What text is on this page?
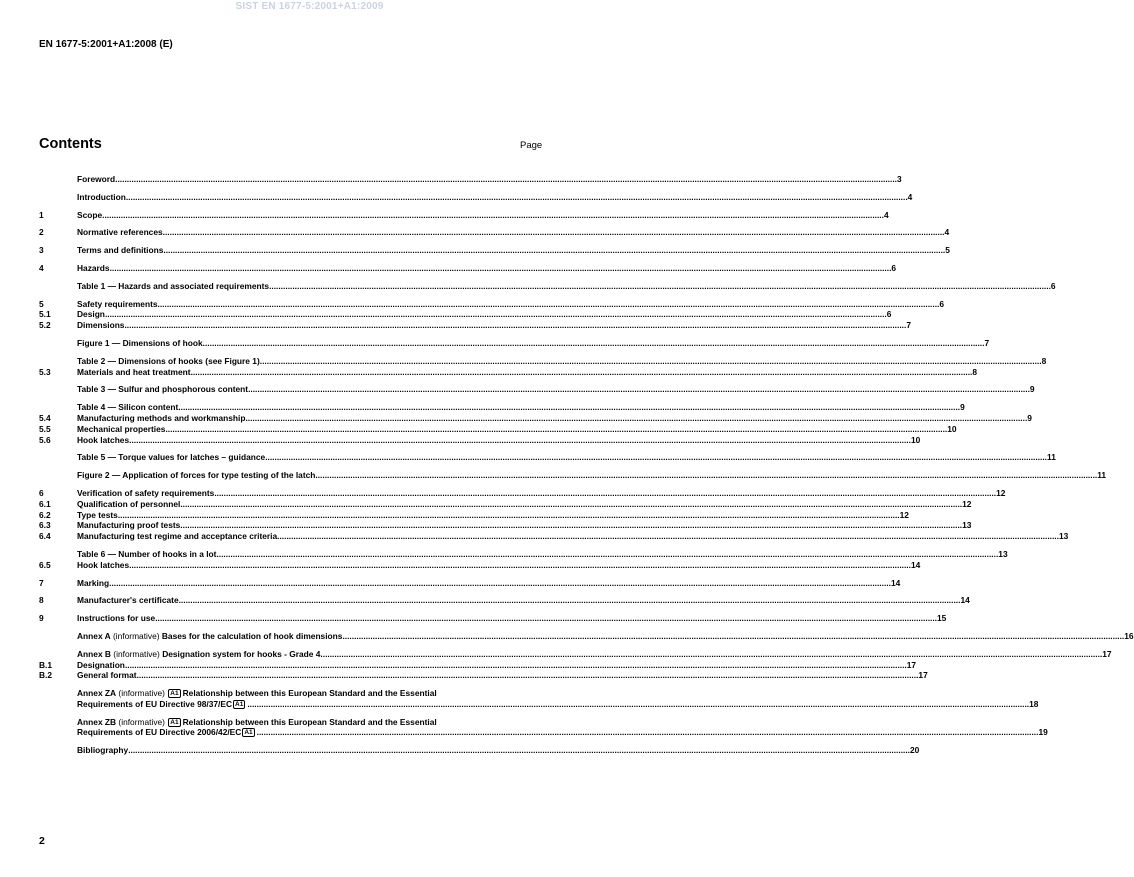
SIST EN 1677-5:2001+A1:2009
EN 1677-5:2001+A1:2008 (E)
Contents	Page
Foreword .....	3
Introduction .....	4
1	Scope .....	4
2	Normative references .....	4
3	Terms and definitions .....	5
4	Hazards .....	6
Table 1 — Hazards and associated requirements .....	6
5	Safety requirements .....	6
5.1	Design .....	6
5.2	Dimensions .....	7
Figure 1 — Dimensions of hook .....	7
Table 2 — Dimensions of hooks (see Figure 1) .....	8
5.3	Materials and heat treatment .....	8
Table 3 — Sulfur and phosphorous content .....	9
Table 4 — Silicon content .....	9
5.4	Manufacturing methods and workmanship .....	9
5.5	Mechanical properties .....	10
5.6	Hook latches .....	10
Table 5 — Torque values for latches – guidance .....	11
Figure 2 — Application of forces for type testing of the latch .....	11
6	Verification of safety requirements .....	12
6.1	Qualification of personnel .....	12
6.2	Type tests .....	12
6.3	Manufacturing proof tests .....	13
6.4	Manufacturing test regime and acceptance criteria .....	13
Table 6 — Number of hooks in a lot .....	13
6.5	Hook latches .....	14
7	Marking .....	14
8	Manufacturer's certificate .....	14
9	Instructions for use .....	15
Annex A (informative) Bases for the calculation of hook dimensions .....	16
Annex B (informative) Designation system for hooks - Grade 4 .....	17
B.1	Designation .....	17
B.2	General format .....	17
Annex ZA (informative) A1 Relationship between this European Standard and the Essential
Requirements of EU Directive 98/37/EC A1 .....	18
Annex ZB (informative) A1 Relationship between this European Standard and the Essential
Requirements of EU Directive 2006/42/EC A1 .....	19
Bibliography .....	20
2
